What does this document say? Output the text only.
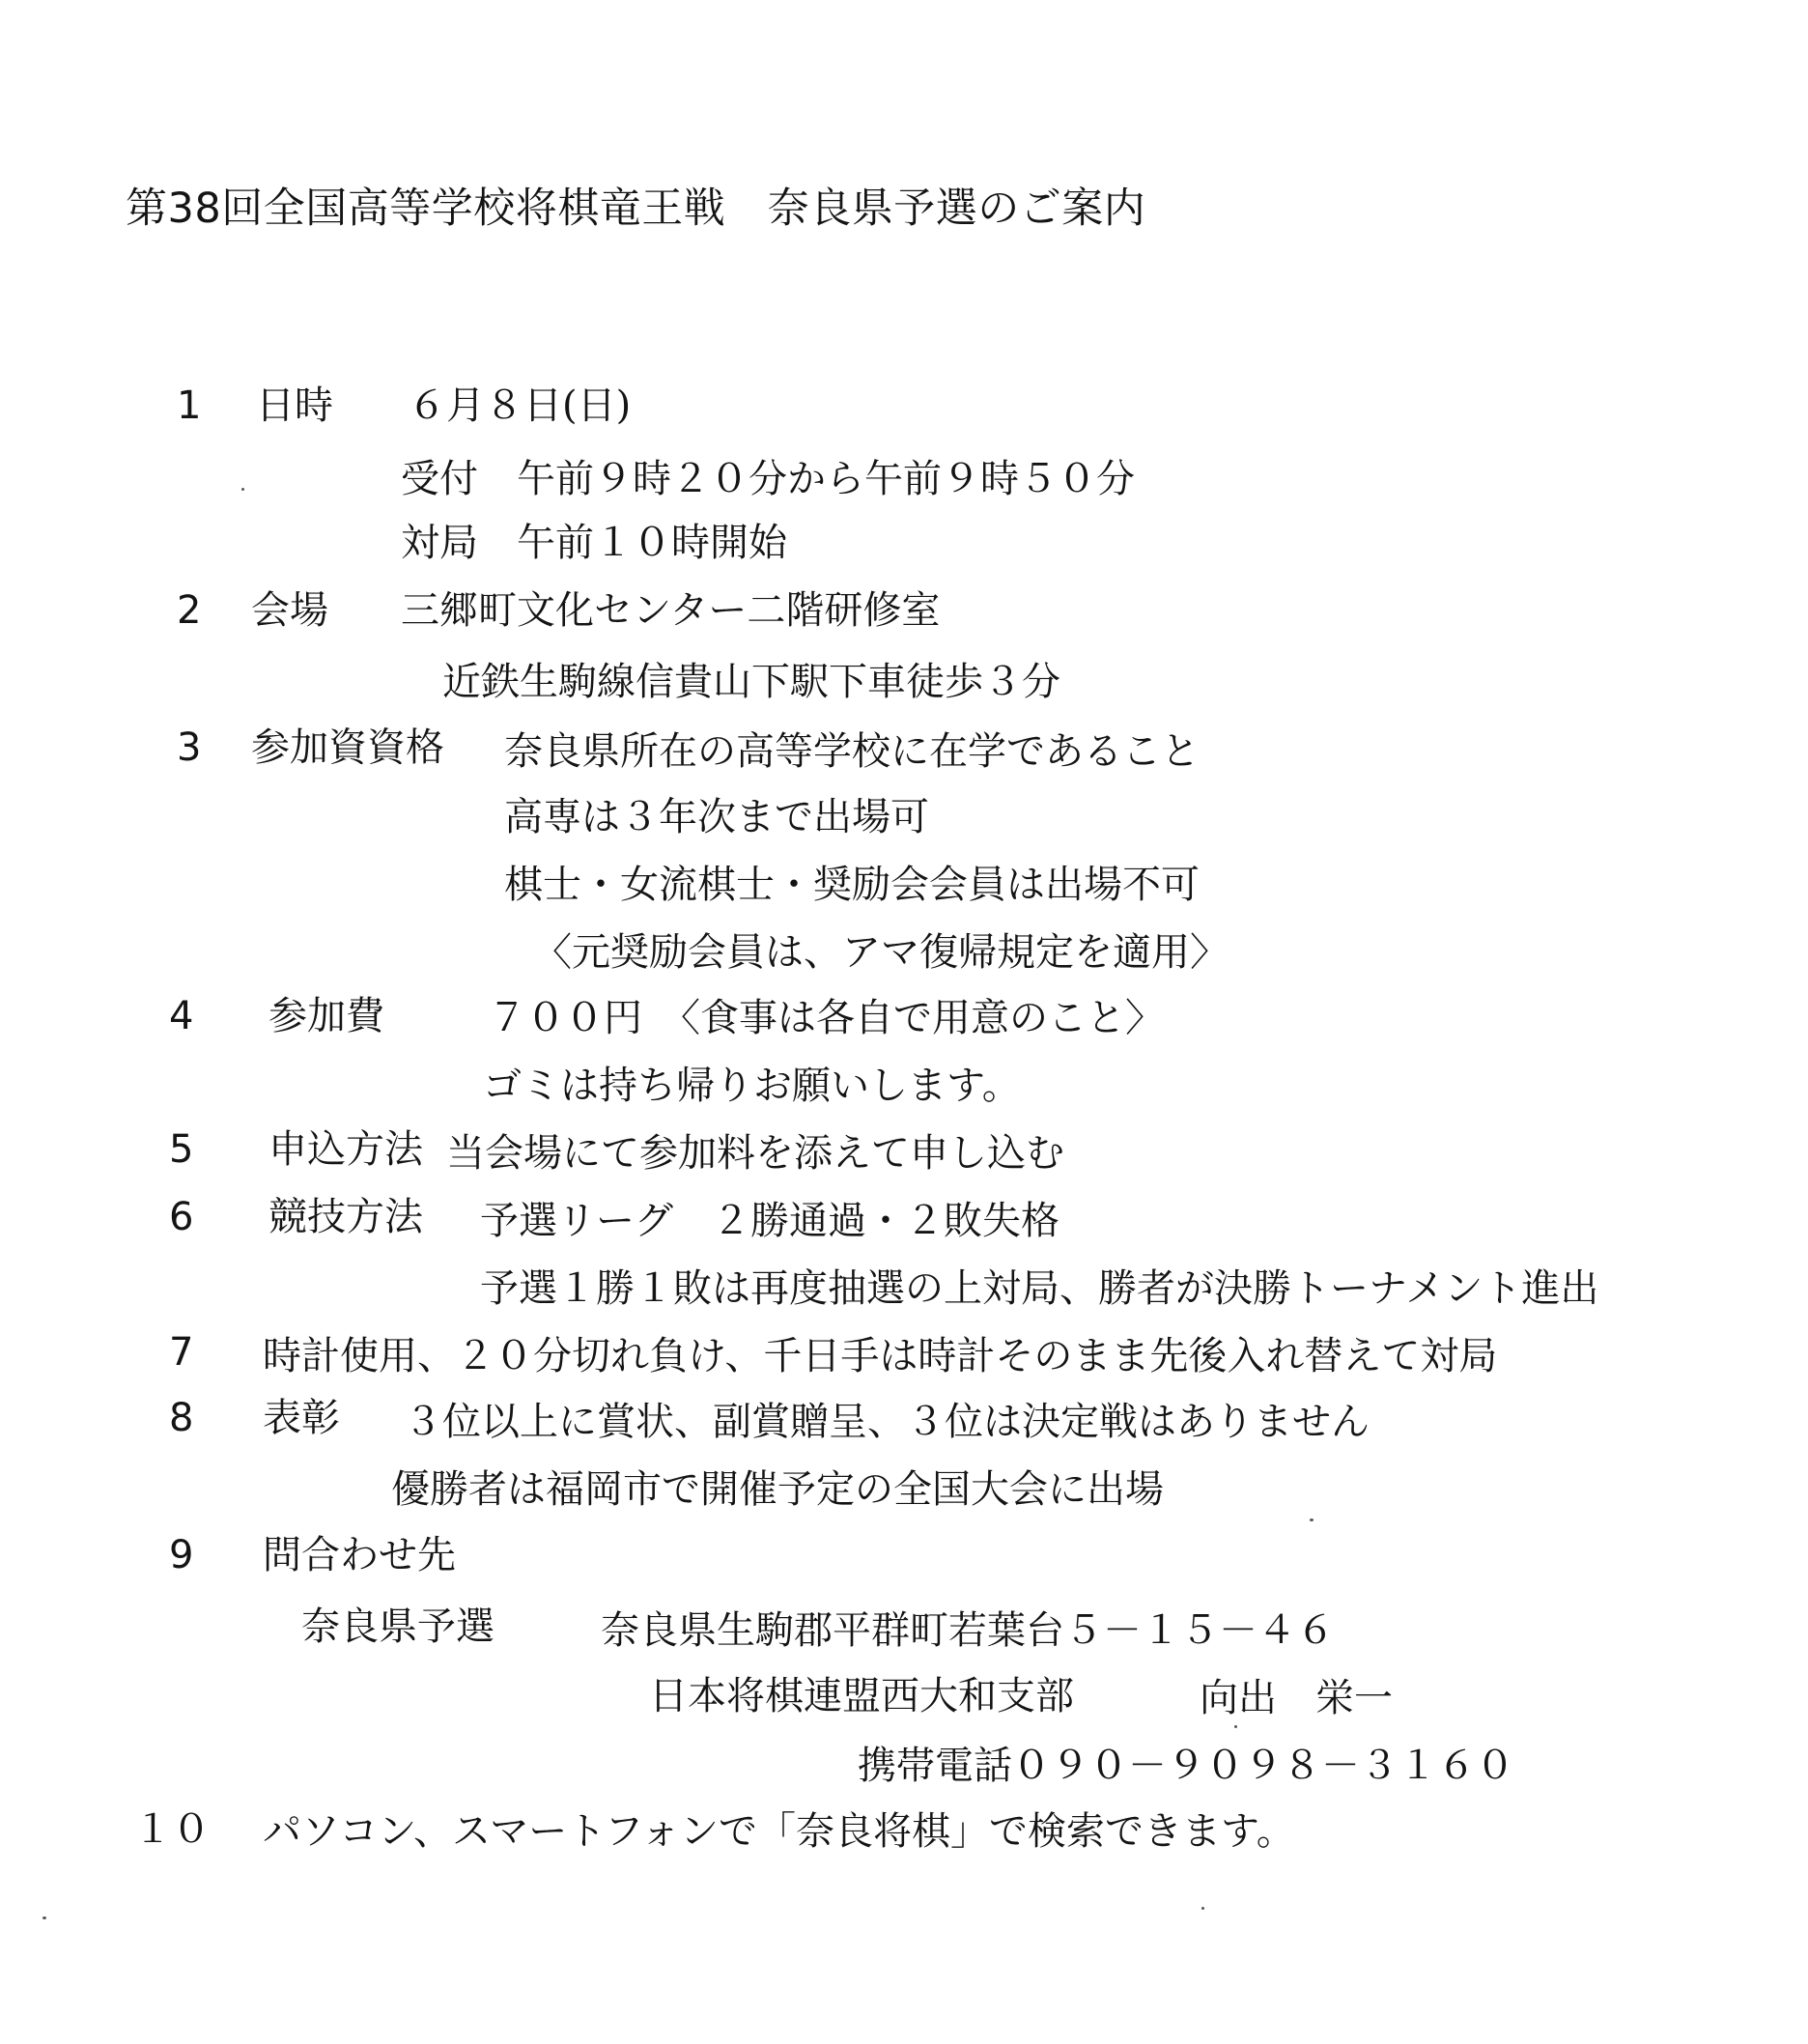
第38回全国高等学校将棋竜王戦　奈良県予選のご案内
1 日時 ６月８日(日)
受付　午前９時２０分から午前９時５０分
対局　午前１０時開始
2 会場 三郷町文化センター二階研修室
近鉄生駒線信貴山下駅下車徒歩３分
3 参加資資格 奈良県所在の高等学校に在学であること
高専は３年次まで出場可
棋士・女流棋士・奨励会会員は出場不可
〈元奨励会員は、アマ復帰規定を適用〉
4 参加費	７００円　〈食事は各自で用意のこと〉
ゴミは持ち帰りお願いします。
5 申込方法 当会場にて参加料を添えて申し込む
6 競技方法 予選リーグ　２勝通過・２敗失格
予選１勝１敗は再度抽選の上対局、勝者が決勝トーナメント進出
7 時計使用、２０分切れ負け、千日手は時計そのまま先後入れ替えて対局
8 表彰 ３位以上に賞状、副賞贈呈、３位は決定戦はありません
優勝者は福岡市で開催予定の全国大会に出場
9 問合わせ先
奈良県予選	奈良県生駒郡平群町若葉台５－１５－４６
日本将棋連盟西大和支部	向出　栄一
携帯電話０９０－９０９８－３１６０
１０ パソコン、スマートフォンで「奈良将棋」で検索できます。
